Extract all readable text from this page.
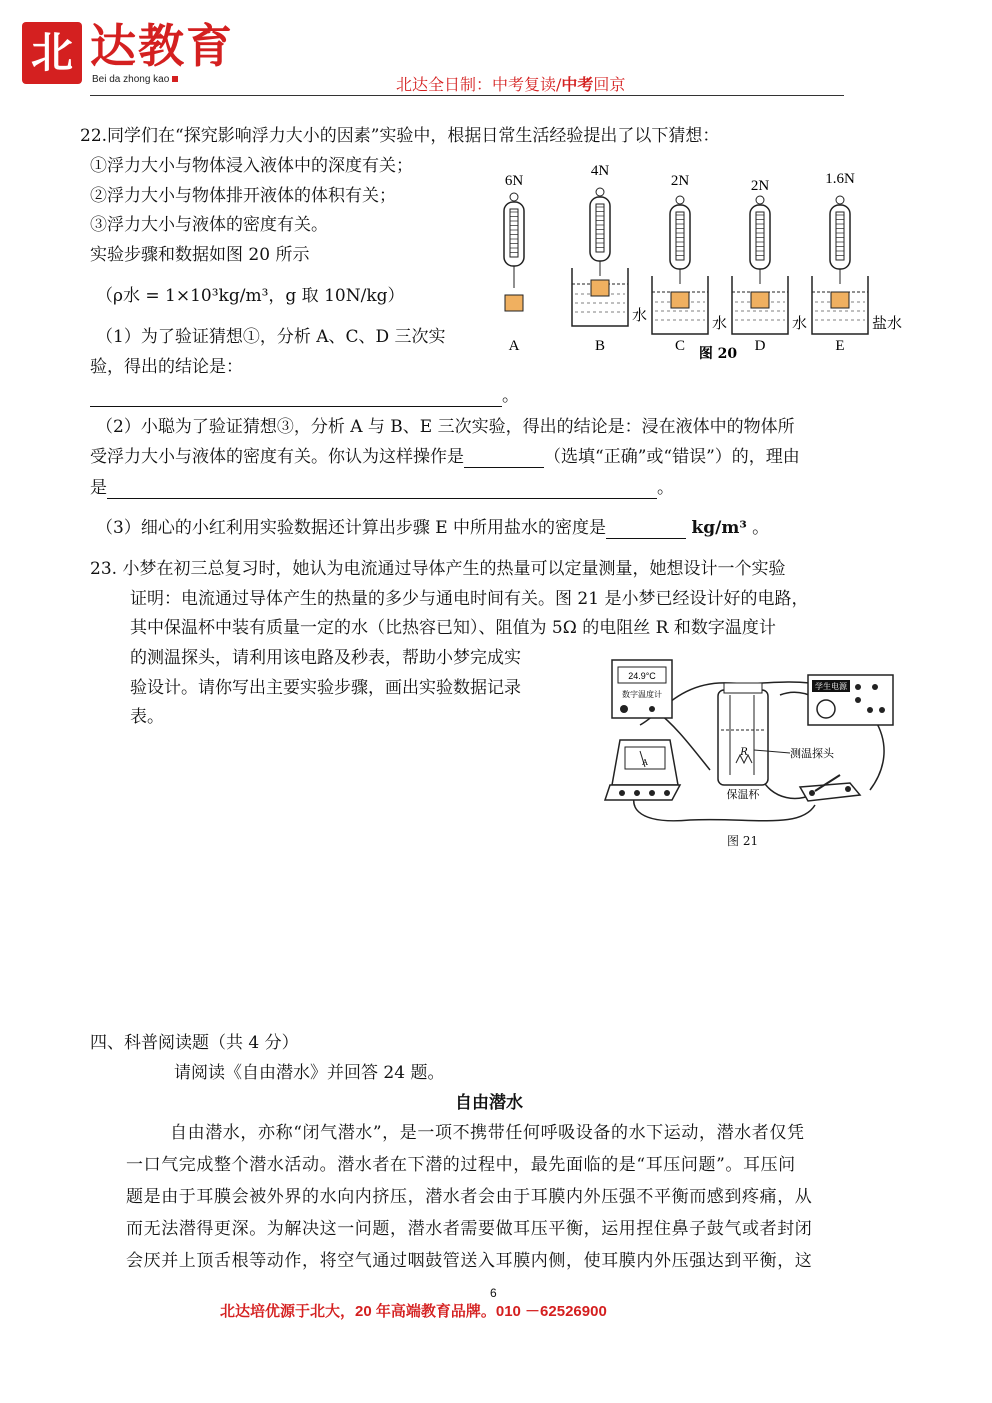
北 达教育
Bei da zhong kao	北达全日制：中考复读/中考回京
22.同学们在“探究影响浮力大小的因素”实验中，根据日常生活经验提出了以下猜想：
①浮力大小与物体浸入液体中的深度有关；
②浮力大小与物体排开液体的体积有关；
③浮力大小与液体的密度有关。
实验步骤和数据如图 20 所示
（ρ水 = 1×10³kg/m³，g 取 10N/kg）
（1）为了验证猜想①，分析 A、C、D 三次实
验，得出的结论是：
。
6N
A
4N
水
B
2N
水
C
2N
水
D
1.6N
盐水
E
图 20
（2）小聪为了验证猜想③，分析 A 与 B、E 三次实验，得出的结论是：浸在液体中的物体所
受浮力大小与液体的密度有关。你认为这样操作是	（选填“正确”或“错误”）的，理由
是	。
（3）细心的小红利用实验数据还计算出步骤 E 中所用盐水的密度是	kg/m³ 。
23. 小梦在初三总复习时，她认为电流通过导体产生的热量可以定量测量，她想设计一个实验
证明：电流通过导体产生的热量的多少与通电时间有关。图 21 是小梦已经设计好的电路，
其中保温杯中装有质量一定的水（比热容已知）、阻值为 5Ω 的电阻丝 R 和数字温度计
的测温探头，请利用该电路及秒表，帮助小梦完成实
验设计。请你写出主要实验步骤，画出实验数据记录
表。
24.9°C
数字温度计
学生电源
R	测温探头
保温杯
A
图 21
四、科普阅读题（共 4 分）
请阅读《自由潜水》并回答 24 题。
自由潜水
自由潜水，亦称“闭气潜水”，是一项不携带任何呼吸设备的水下运动，潜水者仅凭
一口气完成整个潜水活动。潜水者在下潜的过程中，最先面临的是“耳压问题”。耳压问
题是由于耳膜会被外界的水向内挤压，潜水者会由于耳膜内外压强不平衡而感到疼痛，从
而无法潜得更深。为解决这一问题，潜水者需要做耳压平衡，运用捏住鼻子鼓气或者封闭
会厌并上顶舌根等动作，将空气通过咽鼓管送入耳膜内侧，使耳膜内外压强达到平衡，这
6
北达培优源于北大，20 年高端教育品牌。010 －62526900
